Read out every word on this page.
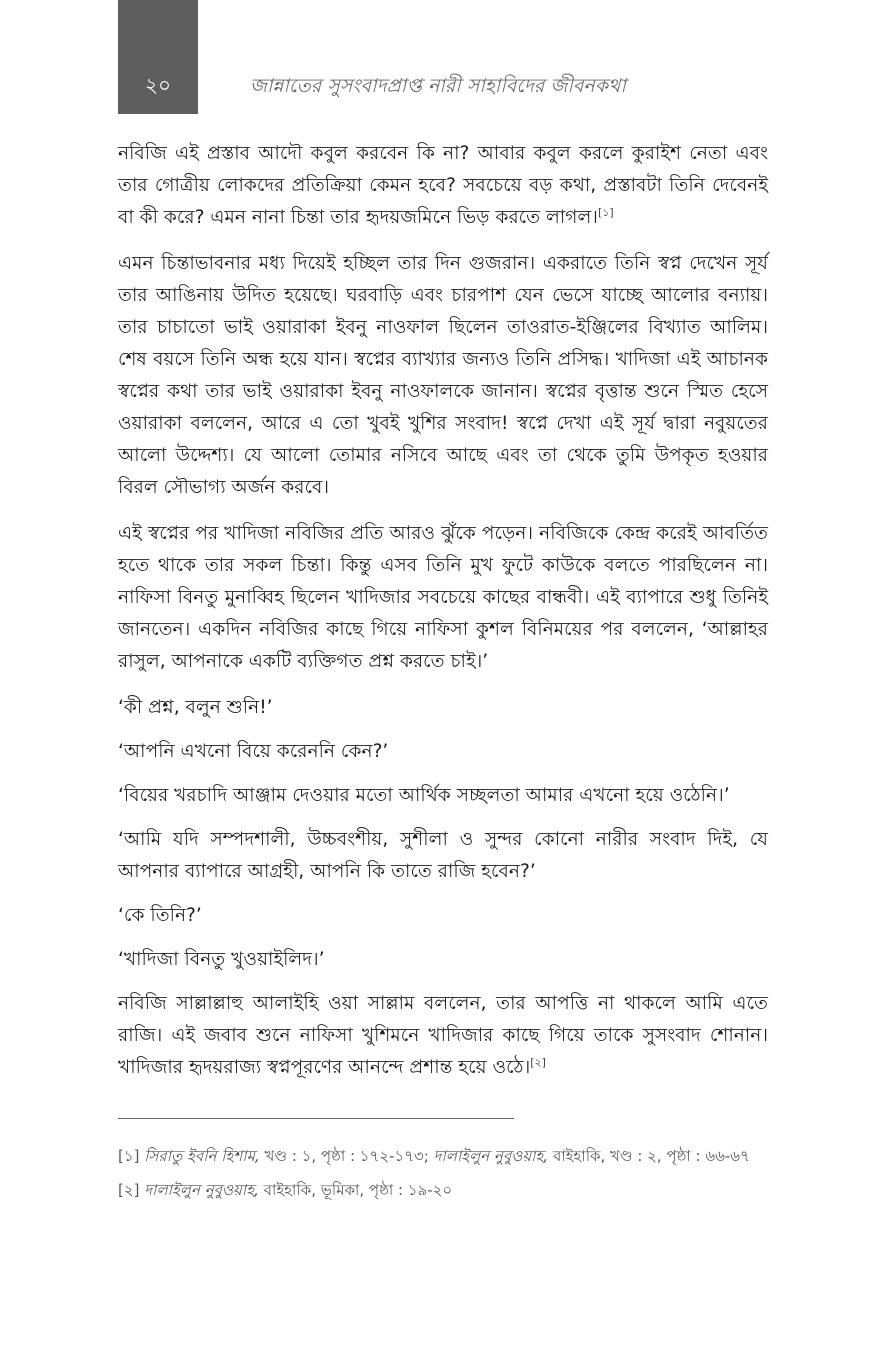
২০	জান্নাতের সুসংবাদপ্রাপ্ত নারী সাহাবিদের জীবনকথা

নবিজি এই প্রস্তাব আদৌ কবুল করবেন কি না? আবার কবুল করলে কুরাইশ নেতা এবং তার গোত্রীয় লোকদের প্রতিক্রিয়া কেমন হবে? সবচেয়ে বড় কথা, প্রস্তাবটা তিনি দেবেনই বা কী করে? এমন নানা চিন্তা তার হৃদয়জমিনে ভিড় করতে লাগল।[১]

এমন চিন্তাভাবনার মধ্য দিয়েই হচ্ছিল তার দিন গুজরান। একরাতে তিনি স্বপ্ন দেখেন সূর্য তার আঙিনায় উদিত হয়েছে। ঘরবাড়ি এবং চারপাশ যেন ভেসে যাচ্ছে আলোর বন্যায়। তার চাচাতো ভাই ওয়ারাকা ইবনু নাওফাল ছিলেন তাওরাত-ইঞ্জিলের বিখ্যাত আলিম। শেষ বয়সে তিনি অন্ধ হয়ে যান। স্বপ্নের ব্যাখ্যার জন্যও তিনি প্রসিদ্ধ। খাদিজা এই আচানক স্বপ্নের কথা তার ভাই ওয়ারাকা ইবনু নাওফালকে জানান। স্বপ্নের বৃত্তান্ত শুনে স্মিত হেসে ওয়ারাকা বললেন, আরে এ তো খুবই খুশির সংবাদ! স্বপ্নে দেখা এই সূর্য দ্বারা নবুয়তের আলো উদ্দেশ্য। যে আলো তোমার নসিবে আছে এবং তা থেকে তুমি উপকৃত হওয়ার বিরল সৌভাগ্য অর্জন করবে।

এই স্বপ্নের পর খাদিজা নবিজির প্রতি আরও ঝুঁকে পড়েন। নবিজিকে কেন্দ্র করেই আবর্তিত হতে থাকে তার সকল চিন্তা। কিন্তু এসব তিনি মুখ ফুটে কাউকে বলতে পারছিলেন না। নাফিসা বিনতু মুনাব্বিহ ছিলেন খাদিজার সবচেয়ে কাছের বান্ধবী। এই ব্যাপারে শুধু তিনিই জানতেন। একদিন নবিজির কাছে গিয়ে নাফিসা কুশল বিনিময়ের পর বললেন, ‘আল্লাহর রাসুল, আপনাকে একটি ব্যক্তিগত প্রশ্ন করতে চাই।’

‘কী প্রশ্ন, বলুন শুনি!’

‘আপনি এখনো বিয়ে করেননি কেন?’

‘বিয়ের খরচাদি আঞ্জাম দেওয়ার মতো আর্থিক সচ্ছলতা আমার এখনো হয়ে ওঠেনি।’

‘আমি যদি সম্পদশালী, উচ্চবংশীয়, সুশীলা ও সুন্দর কোনো নারীর সংবাদ দিই, যে আপনার ব্যাপারে আগ্রহী, আপনি কি তাতে রাজি হবেন?’

‘কে তিনি?’

‘খাদিজা বিনতু খুওয়াইলিদ।’

নবিজি সাল্লাল্লাহু আলাইহি ওয়া সাল্লাম বললেন, তার আপত্তি না থাকলে আমি এতে রাজি। এই জবাব শুনে নাফিসা খুশিমনে খাদিজার কাছে গিয়ে তাকে সুসংবাদ শোনান। খাদিজার হৃদয়রাজ্য স্বপ্নপূরণের আনন্দে প্রশান্ত হয়ে ওঠে।[২]

[১] সিরাতু ইবনি হিশাম, খণ্ড : ১, পৃষ্ঠা : ১৭২-১৭৩; দালাইলুন নুবুওয়াহ, বাইহাকি, খণ্ড : ২, পৃষ্ঠা : ৬৬-৬৭
[২] দালাইলুন নুবুওয়াহ, বাইহাকি, ভূমিকা, পৃষ্ঠা : ১৯-২০
